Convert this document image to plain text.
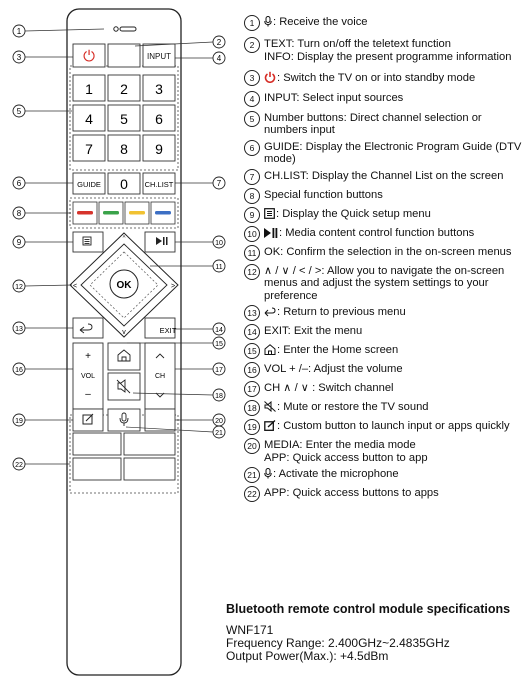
⏻	INPUT
1 2 3
4 5 6
7 8 9
GUIDE 0 CH.LIST
^
>
<
v
OK
EXIT
+
VOL
–
CH
1
3
5
6
8
9
12
13
16
19
22
2
4
7
10
11
15
14
17
18
20
21
1	: Receive the voice
2 TEXT: Turn on/off the teletext function
INFO: Display the present programme information
3	: Switch the TV on or into standby mode
4 INPUT: Select input sources
5 Number buttons: Direct channel selection or numbers input
6 GUIDE: Display the Electronic Program Guide (DTV mode)
7 CH.LIST: Display the Channel List on the screen
8 Special function buttons
9	: Display the Quick setup menu
10	: Media content control function buttons
11 OK: Confirm the selection in the on-screen menus
12 ∧ / ∨ / < / >: Allow you to navigate the on-screen menus and adjust the system settings to your preference
13	: Return to previous menu
14 EXIT: Exit the menu
15	: Enter the Home screen
16 VOL + /–: Adjust the volume
17 CH ∧ / ∨ : Switch channel
18	: Mute or restore the TV sound
19	: Custom button to launch input or apps quickly
20 MEDIA: Enter the media mode
APP: Quick access button to app
21	: Activate the microphone
22 APP: Quick access buttons to apps
Bluetooth remote control module specifications
WNF171
Frequency Range: 2.400GHz~2.4835GHz
Output Power(Max.): +4.5dBm
